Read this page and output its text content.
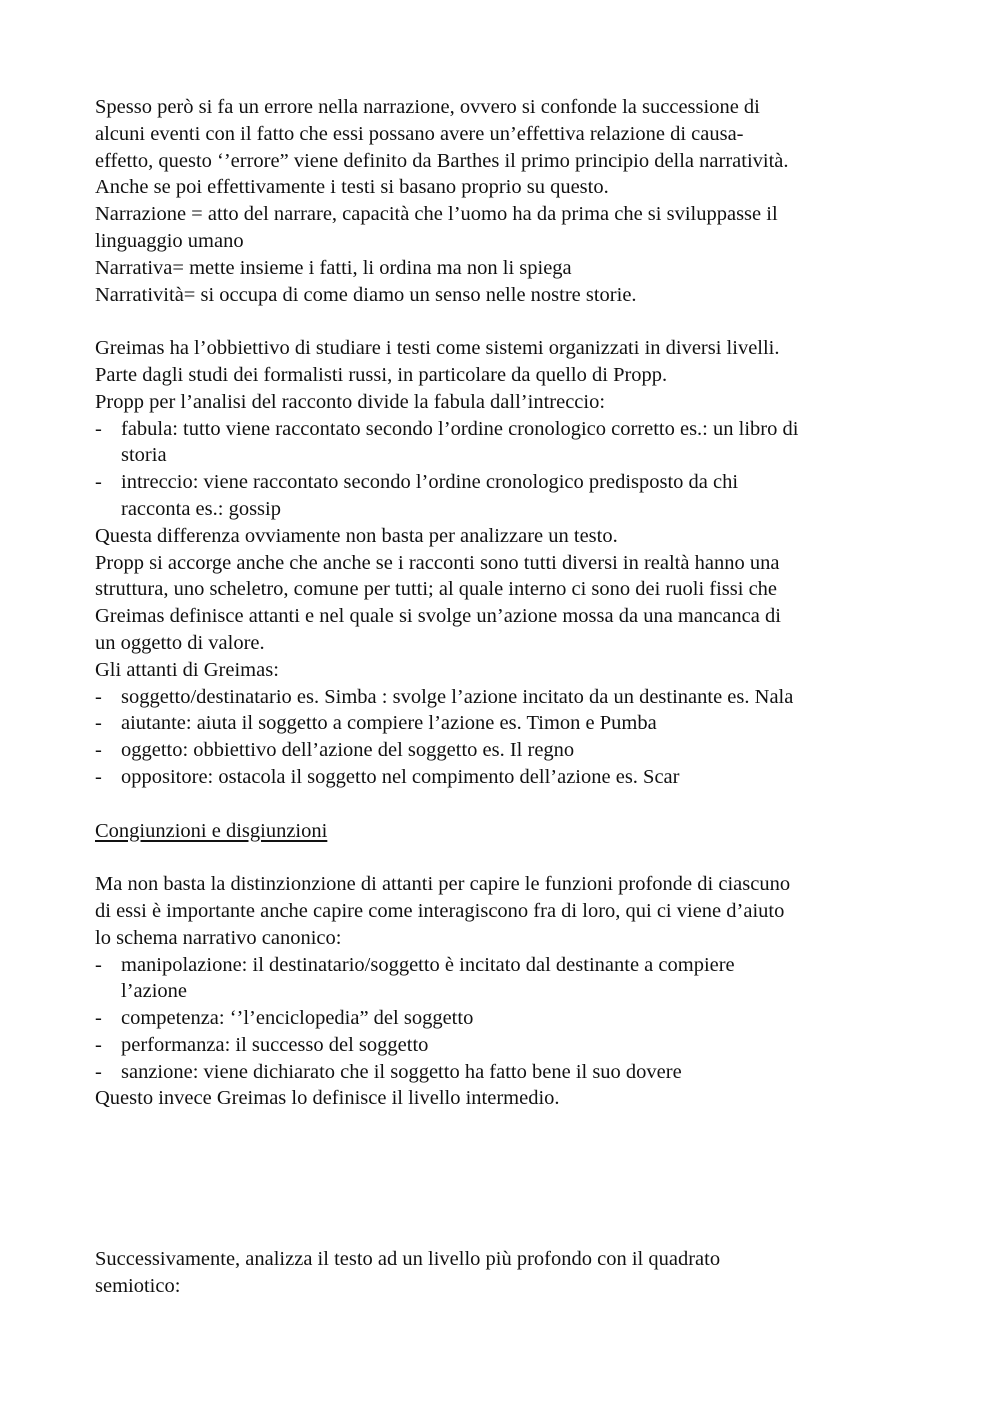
Spesso però si fa un errore nella narrazione, ovvero si confonde la successione di
alcuni eventi con il fatto che essi possano avere un’effettiva relazione di causa-
effetto, questo ‘’errore” viene definito da Barthes il primo principio della narratività.
Anche se poi effettivamente i testi si basano proprio su questo.
Narrazione = atto del narrare, capacità che l’uomo ha da prima che si sviluppasse il
linguaggio umano
Narrativa= mette insieme i fatti, li ordina ma non li spiega
Narratività= si occupa di come diamo un senso nelle nostre storie.
Greimas ha l’obbiettivo di studiare i testi come sistemi organizzati in diversi livelli.
Parte dagli studi dei formalisti russi, in particolare da quello di Propp.
Propp per l’analisi del racconto divide la fabula dall’intreccio:
- fabula: tutto viene raccontato secondo l’ordine cronologico corretto es.: un libro di
storia
- intreccio: viene raccontato secondo l’ordine cronologico predisposto da chi
racconta es.: gossip
Questa differenza ovviamente non basta per analizzare un testo.
Propp si accorge anche che anche se i racconti sono tutti diversi in realtà hanno una
struttura, uno scheletro, comune per tutti; al quale interno ci sono dei ruoli fissi che
Greimas definisce attanti e nel quale si svolge un’azione mossa da una mancanca di
un oggetto di valore.
Gli attanti di Greimas:
- soggetto/destinatario es. Simba : svolge l’azione incitato da un destinante es. Nala
- aiutante: aiuta il soggetto a compiere l’azione es. Timon e Pumba
- oggetto: obbiettivo dell’azione del soggetto es. Il regno
- oppositore: ostacola il soggetto nel compimento dell’azione es. Scar
Congiunzioni e disgiunzioni
Ma non basta la distinzionzione di attanti per capire le funzioni profonde di ciascuno
di essi è importante anche capire come interagiscono fra di loro, qui ci viene d’aiuto
lo schema narrativo canonico:
- manipolazione: il destinatario/soggetto è incitato dal destinante a compiere
l’azione
- competenza: ‘’l’enciclopedia” del soggetto
- performanza: il successo del soggetto
- sanzione: viene dichiarato che il soggetto ha fatto bene il suo dovere
Questo invece Greimas lo definisce il livello intermedio.
Successivamente, analizza il testo ad un livello più profondo con il quadrato
semiotico:
